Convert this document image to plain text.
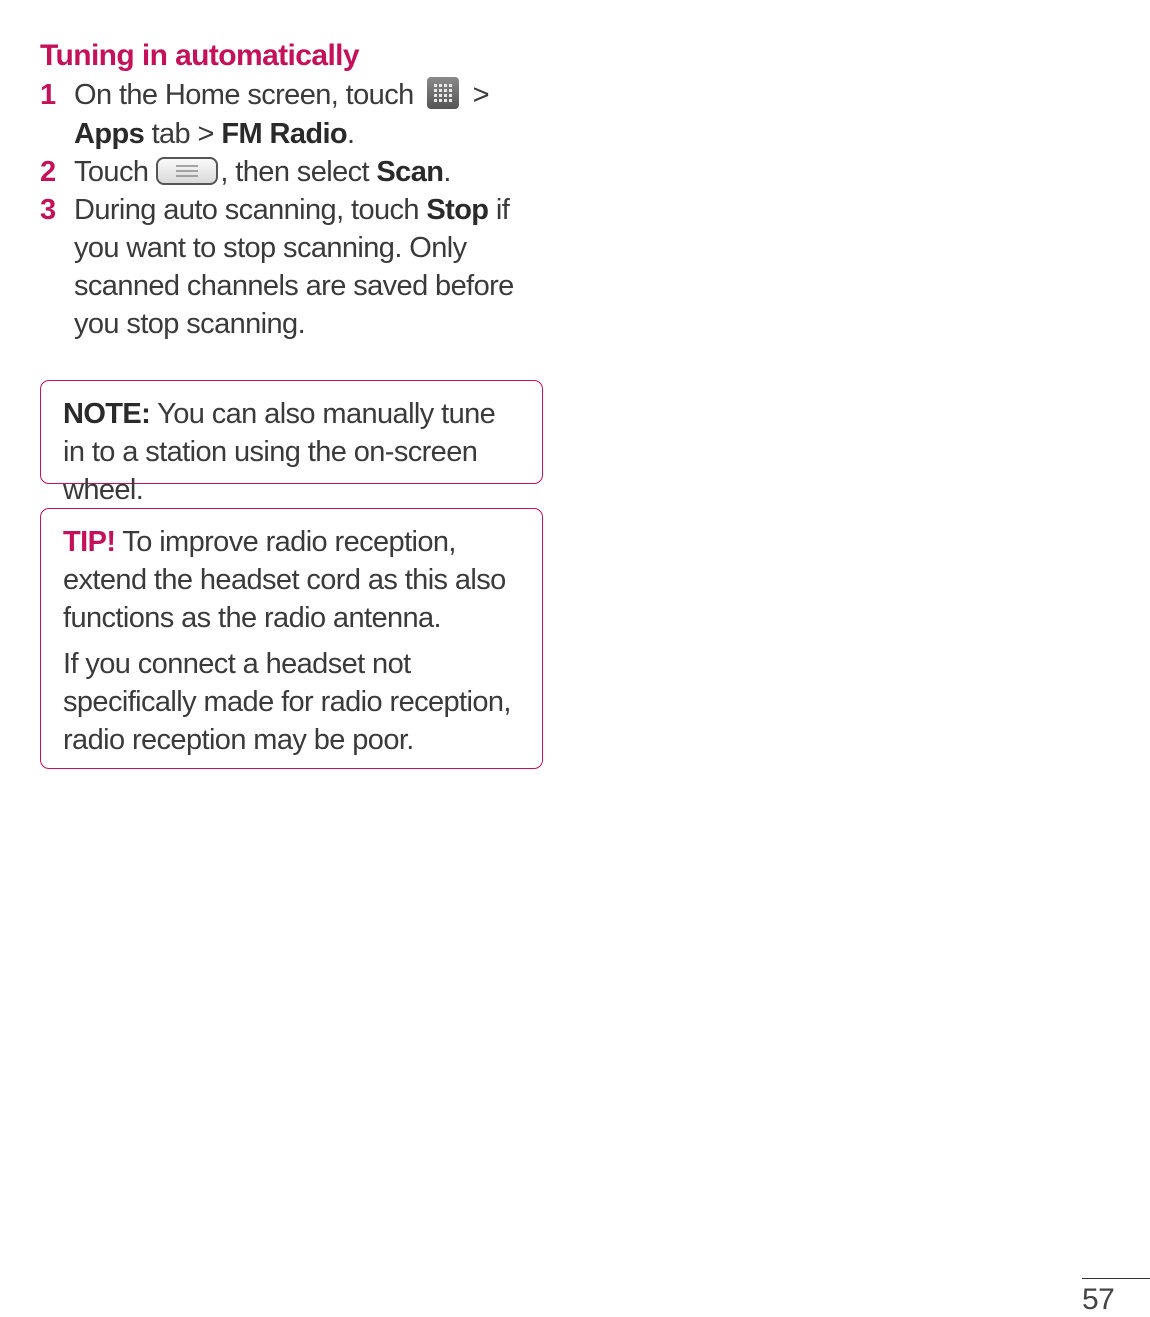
Tuning in automatically

1 On the Home screen, touch
> Apps tab > FM Radio.

2 Touch , then select Scan.

3 During auto scanning, touch Stop if you want to stop scanning. Only scanned channels are saved before you stop scanning.

NOTE: You can also manually tune in to a station using the on-screen wheel.

TIP! To improve radio reception, extend the headset cord as this also functions as the radio antenna.

If you connect a headset not specifically made for radio reception, radio reception may be poor.

57
